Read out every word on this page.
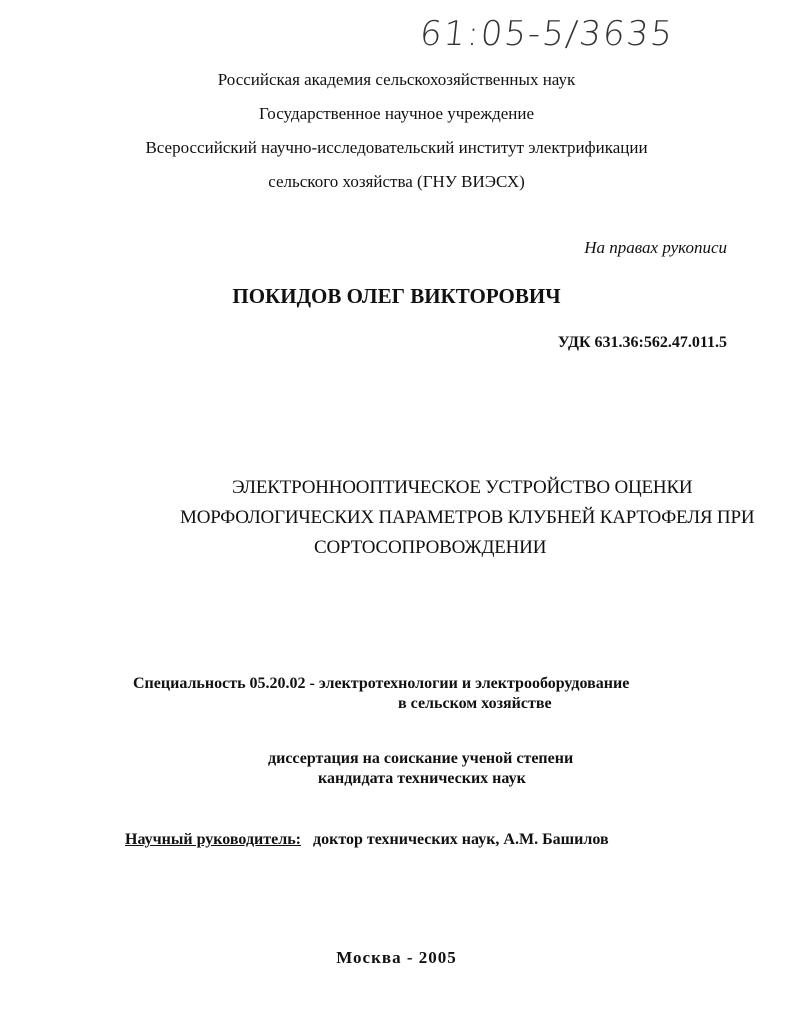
61:05-5/3635
Российская академия сельскохозяйственных наук
Государственное научное учреждение
Всероссийский научно-исследовательский институт электрификации
сельского хозяйства (ГНУ ВИЭСХ)
На правах рукописи
ПОКИДОВ ОЛЕГ ВИКТОРОВИЧ
УДК 631.36:562.47.011.5
ЭЛЕКТРОННООПТИЧЕСКОЕ УСТРОЙСТВО ОЦЕНКИ
МОРФОЛОГИЧЕСКИХ ПАРАМЕТРОВ КЛУБНЕЙ КАРТОФЕЛЯ ПРИ
СОРТОСОПРОВОЖДЕНИИ
Специальность 05.20.02 - электротехнологии и электрооборудование
в сельском хозяйстве
диссертация на соискание ученой степени
кандидата технических наук
Научный руководитель: доктор технических наук, А.М. Башилов
Москва - 2005
